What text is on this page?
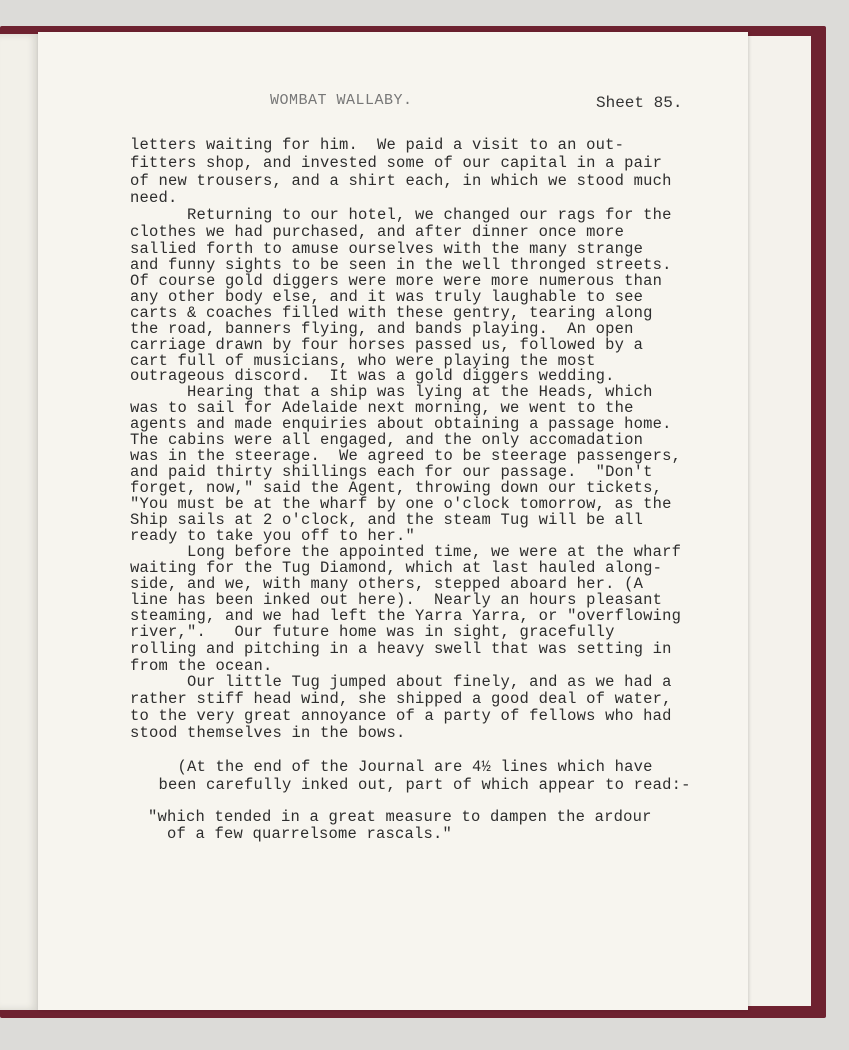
WOMBAT WALLABY.	Sheet 85.
letters waiting for him.  We paid a visit to an out-
fitters shop, and invested some of our capital in a pair
of new trousers, and a shirt each, in which we stood much
need.
Returning to our hotel, we changed our rags for the
clothes we had purchased, and after dinner once more
sallied forth to amuse ourselves with the many strange
and funny sights to be seen in the well thronged streets.
Of course gold diggers were more were more numerous than
any other body else, and it was truly laughable to see
carts & coaches filled with these gentry, tearing along
the road, banners flying, and bands playing.  An open
carriage drawn by four horses passed us, followed by a
cart full of musicians, who were playing the most
outrageous discord.  It was a gold diggers wedding.
Hearing that a ship was lying at the Heads, which
was to sail for Adelaide next morning, we went to the
agents and made enquiries about obtaining a passage home.
The cabins were all engaged, and the only accomadation
was in the steerage.  We agreed to be steerage passengers,
and paid thirty shillings each for our passage.  "Don't
forget, now," said the Agent, throwing down our tickets,
"You must be at the wharf by one o'clock tomorrow, as the
Ship sails at 2 o'clock, and the steam Tug will be all
ready to take you off to her."
Long before the appointed time, we were at the wharf
waiting for the Tug Diamond, which at last hauled along-
side, and we, with many others, stepped aboard her. (A
line has been inked out here).  Nearly an hours pleasant
steaming, and we had left the Yarra Yarra, or "overflowing
river,".   Our future home was in sight, gracefully
rolling and pitching in a heavy swell that was setting in
from the ocean.
Our little Tug jumped about finely, and as we had a
rather stiff head wind, she shipped a good deal of water,
to the very great annoyance of a party of fellows who had
stood themselves in the bows.
(At the end of the Journal are 4½ lines which have
been carefully inked out, part of which appear to read:-
"which tended in a great measure to dampen the ardour
of a few quarrelsome rascals."
